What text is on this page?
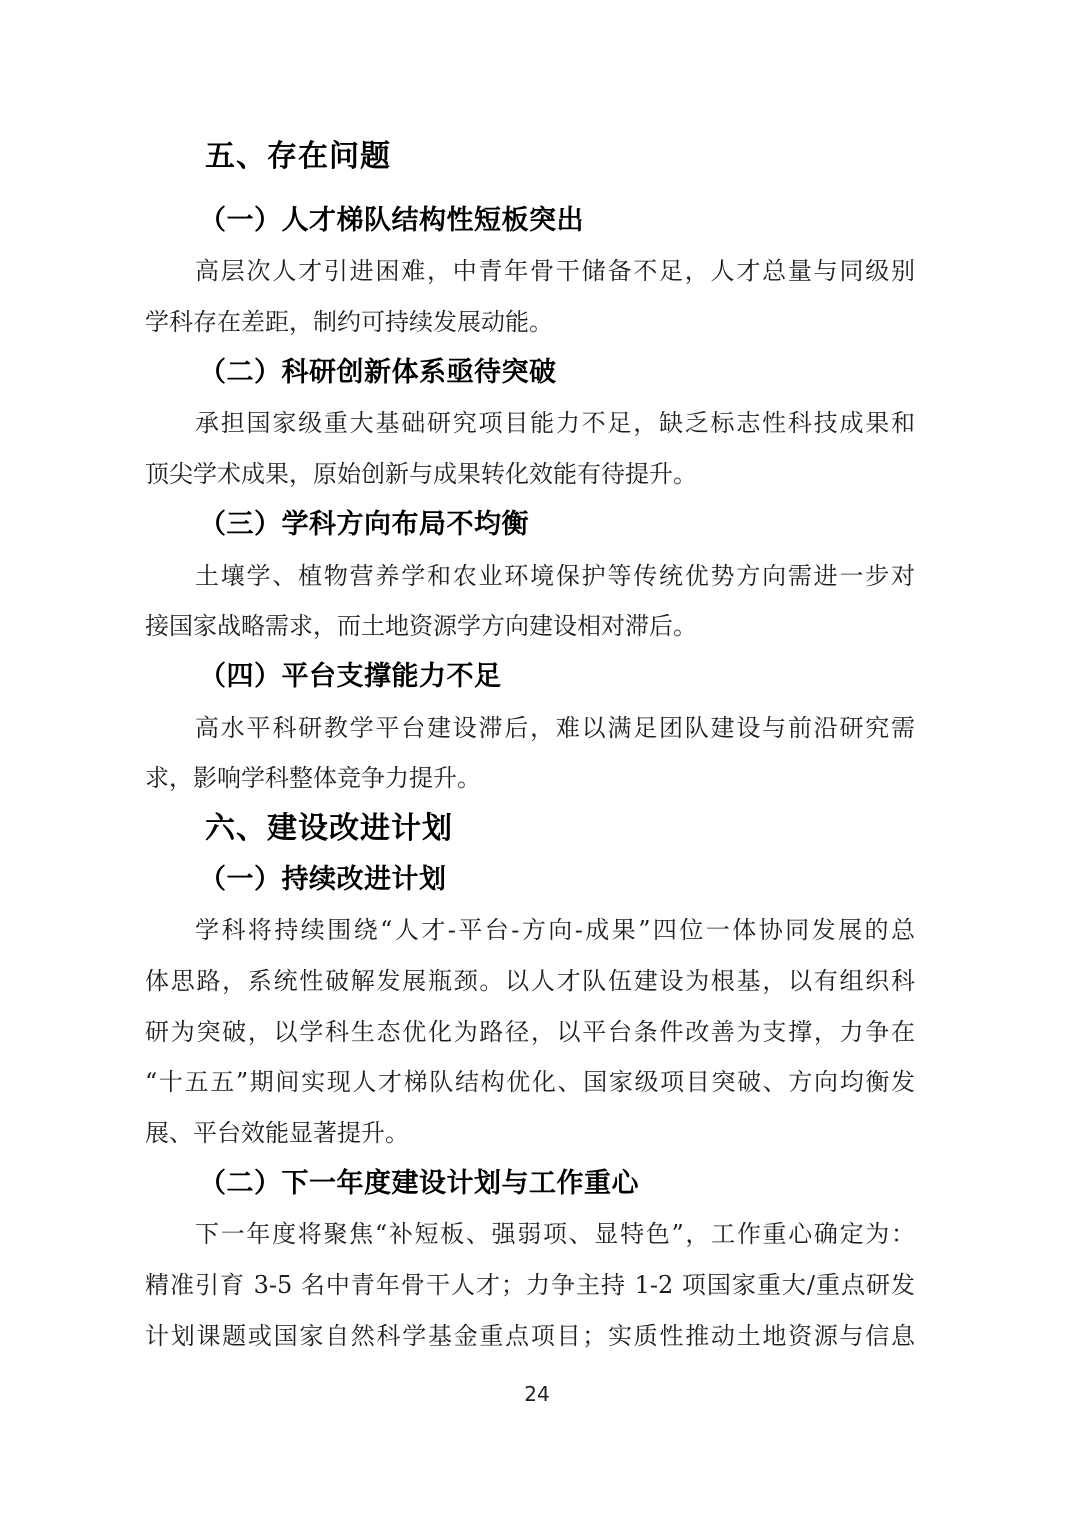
五、存在问题
（一）人才梯队结构性短板突出
高层次人才引进困难，中青年骨干储备不足，人才总量与同级别
学科存在差距，制约可持续发展动能。
（二）科研创新体系亟待突破
承担国家级重大基础研究项目能力不足，缺乏标志性科技成果和
顶尖学术成果，原始创新与成果转化效能有待提升。
（三）学科方向布局不均衡
土壤学、植物营养学和农业环境保护等传统优势方向需进一步对
接国家战略需求，而土地资源学方向建设相对滞后。
（四）平台支撑能力不足
高水平科研教学平台建设滞后，难以满足团队建设与前沿研究需
求，影响学科整体竞争力提升。
六、建设改进计划
（一）持续改进计划
学科将持续围绕“人才-平台-方向-成果”四位一体协同发展的总
体思路，系统性破解发展瓶颈。以人才队伍建设为根基，以有组织科
研为突破，以学科生态优化为路径，以平台条件改善为支撑，力争在
“十五五”期间实现人才梯队结构优化、国家级项目突破、方向均衡发
展、平台效能显著提升。
（二）下一年度建设计划与工作重心
下一年度将聚焦“补短板、强弱项、显特色”，工作重心确定为：
精准引育 3-5 名中青年骨干人才；力争主持 1-2 项国家重大/重点研发
计划课题或国家自然科学基金重点项目；实质性推动土地资源与信息
24
